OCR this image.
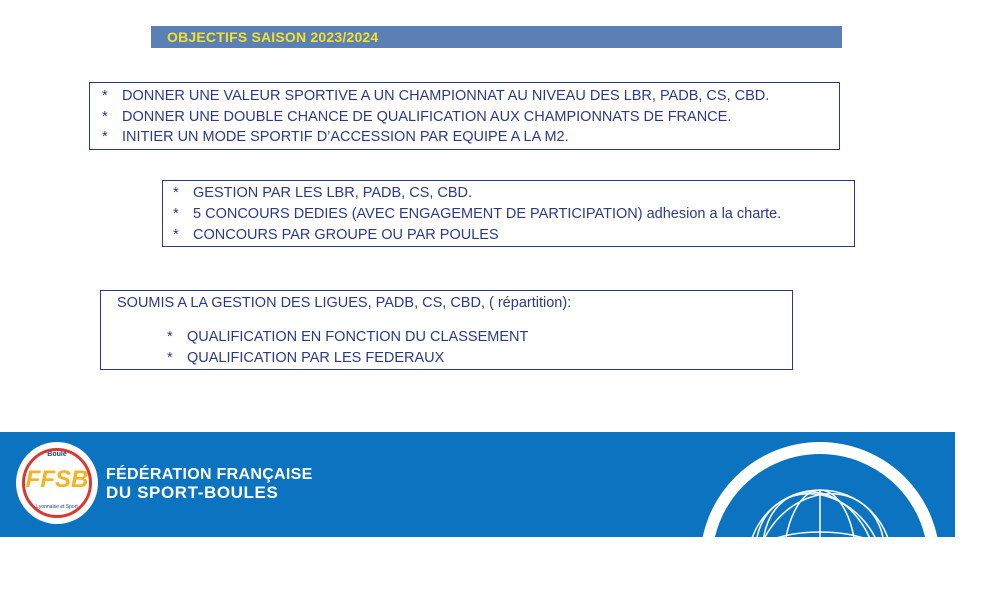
OBJECTIFS SAISON 2023/2024
* DONNER UNE VALEUR SPORTIVE A UN CHAMPIONNAT AU NIVEAU DES LBR, PADB, CS, CBD.
* DONNER UNE DOUBLE CHANCE DE QUALIFICATION AUX CHAMPIONNATS DE FRANCE.
* INITIER UN MODE SPORTIF D’ACCESSION PAR EQUIPE A LA M2.
* GESTION PAR LES LBR, PADB, CS, CBD.
* 5 CONCOURS DEDIES (AVEC ENGAGEMENT DE PARTICIPATION) adhesion a la charte.
* CONCOURS PAR GROUPE OU PAR POULES
SOUMIS A LA GESTION DES LIGUES, PADB, CS, CBD, ( répartition):
* QUALIFICATION EN FONCTION DU CLASSEMENT
* QUALIFICATION PAR LES FEDERAUX
Boule
FFSB
Lyonnaise et Sport
FÉDÉRATION FRANÇAISE
DU SPORT-BOULES
